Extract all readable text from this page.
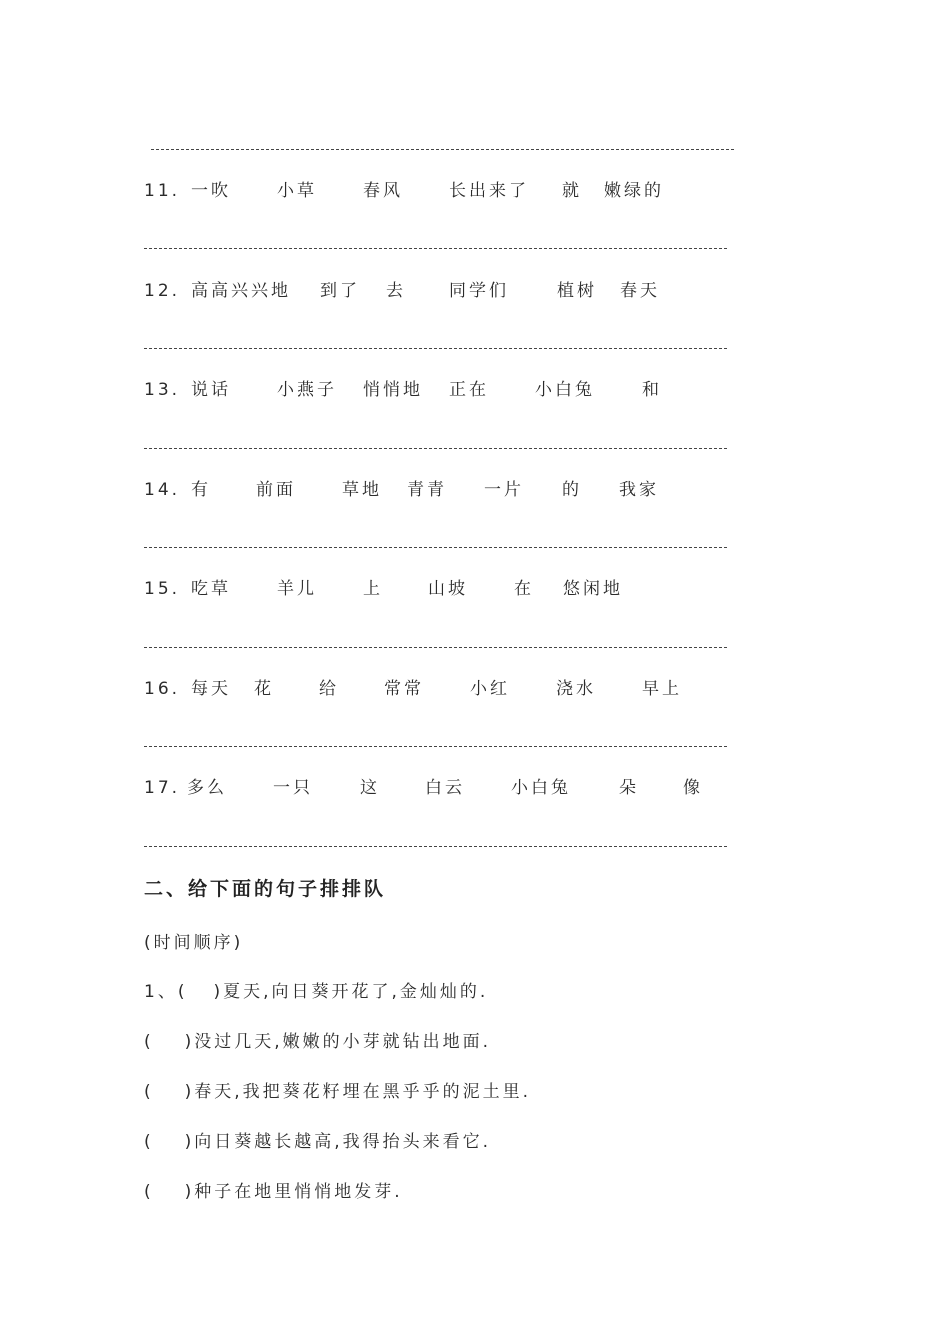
11. 一吹	小草	春风	长出来了 就 嫩绿的
12. 高高兴兴地 到了 去	同学们	植树 春天
13. 说话	小燕子 悄悄地 正在	小白兔	和
14. 有	前面	草地 青青 一片 的 我家
15. 吃草	羊儿	上	山坡	在 悠闲地
16. 每天 花	给	常常	小红	浇水	早上
17. 多么	一只	这	白云	小白兔	朵	像
二、给下面的句子排排队
(时间顺序)
1、( )夏天,向日葵开花了,金灿灿的.
( )没过几天,嫩嫩的小芽就钻出地面.
( )春天,我把葵花籽埋在黑乎乎的泥土里.
( )向日葵越长越高,我得抬头来看它.
( )种子在地里悄悄地发芽.
